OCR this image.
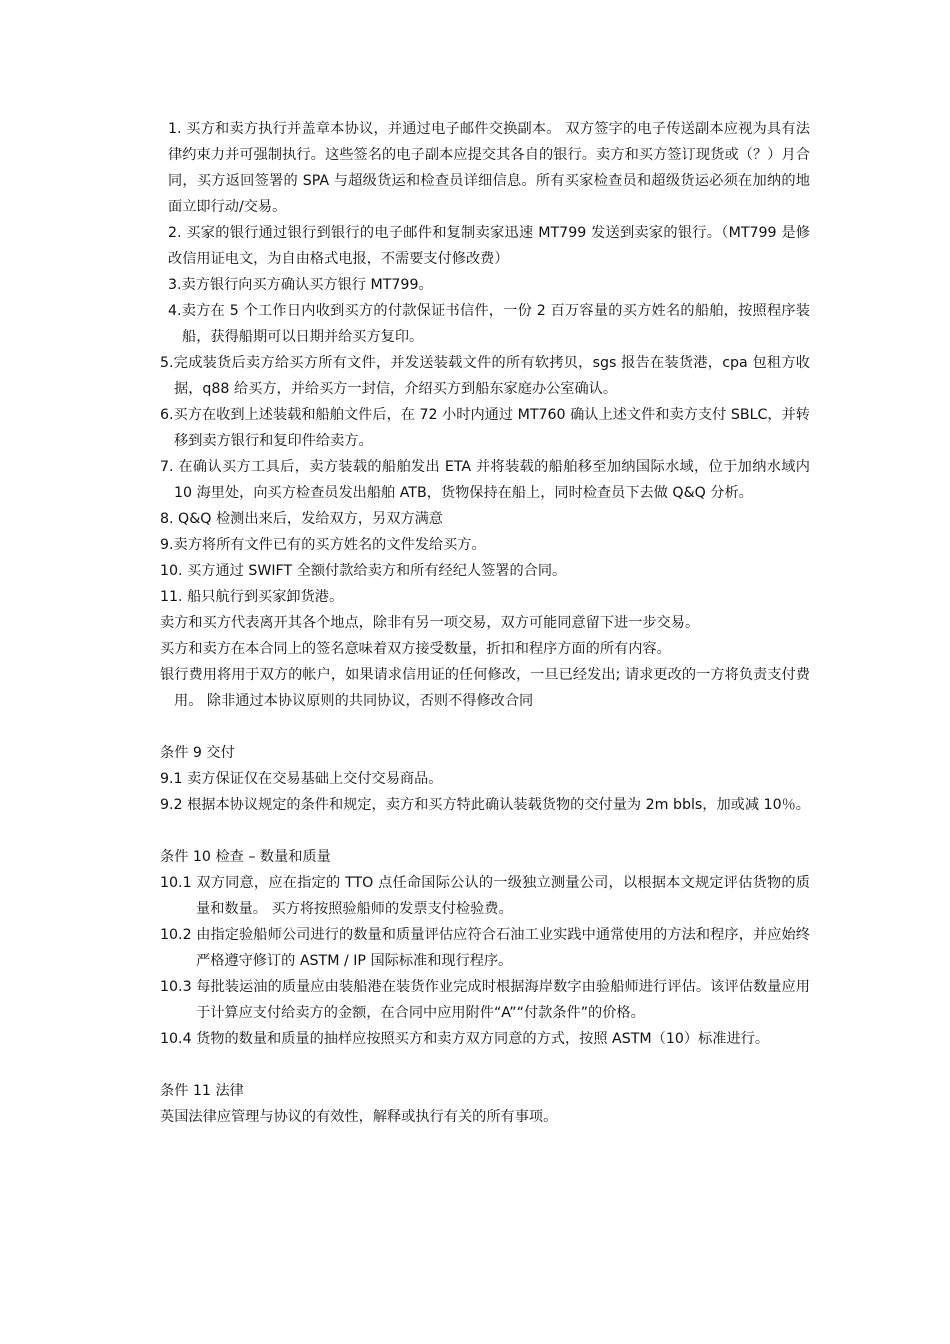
1. 买方和卖方执行并盖章本协议，并通过电子邮件交换副本。 双方签字的电子传送副本应视为具有法律约束力并可强制执行。这些签名的电子副本应提交其各自的银行。卖方和买方签订现货或（？）月合同，买方返回签署的 SPA 与超级货运和检查员详细信息。所有买家检查员和超级货运必须在加纳的地面立即行动/交易。
2. 买家的银行通过银行到银行的电子邮件和复制卖家迅速 MT799 发送到卖家的银行。（MT799 是修改信用证电文，为自由格式电报，不需要支付修改费）
3.卖方银行向买方确认买方银行 MT799。
4.卖方在 5 个工作日内收到买方的付款保证书信件，一份 2 百万容量的买方姓名的船舶，按照程序装船，获得船期可以日期并给买方复印。
5.完成装货后卖方给买方所有文件，并发送装载文件的所有软拷贝，sgs 报告在装货港，cpa 包租方收据，q88 给买方，并给买方一封信，介绍买方到船东家庭办公室确认。
6.买方在收到上述装载和船舶文件后，在 72 小时内通过 MT760 确认上述文件和卖方支付 SBLC，并转移到卖方银行和复印件给卖方。
7. 在确认买方工具后，卖方装载的船舶发出 ETA 并将装载的船舶移至加纳国际水域，位于加纳水域内 10 海里处，向买方检查员发出船舶 ATB，货物保持在船上，同时检查员下去做 Q&Q 分析。
8. Q&Q 检测出来后，发给双方，另双方满意
9.卖方将所有文件已有的买方姓名的文件发给买方。
10. 买方通过 SWIFT 全额付款给卖方和所有经纪人签署的合同。
11. 船只航行到买家卸货港。
卖方和买方代表离开其各个地点，除非有另一项交易，双方可能同意留下进一步交易。
买方和卖方在本合同上的签名意味着双方接受数量，折扣和程序方面的所有内容。
银行费用将用于双方的帐户，如果请求信用证的任何修改，一旦已经发出; 请求更改的一方将负责支付费用。 除非通过本协议原则的共同协议，否则不得修改合同
条件 9 交付
9.1 卖方保证仅在交易基础上交付交易商品。
9.2 根据本协议规定的条件和规定，卖方和买方特此确认装载货物的交付量为 2m bbls，加或减 10％。
条件 10 检查 – 数量和质量
10.1 双方同意，应在指定的 TTO 点任命国际公认的一级独立测量公司，以根据本文规定评估货物的质量和数量。 买方将按照验船师的发票支付检验费。
10.2 由指定验船师公司进行的数量和质量评估应符合石油工业实践中通常使用的方法和程序，并应始终严格遵守修订的 ASTM / IP 国际标准和现行程序。
10.3 每批装运油的质量应由装船港在装货作业完成时根据海岸数字由验船师进行评估。该评估数量应用于计算应支付给卖方的金额，在合同中应用附件“A”“付款条件”的价格。
10.4 货物的数量和质量的抽样应按照买方和卖方双方同意的方式，按照 ASTM（10）标准进行。
条件 11 法律
英国法律应管理与协议的有效性，解释或执行有关的所有事项。
